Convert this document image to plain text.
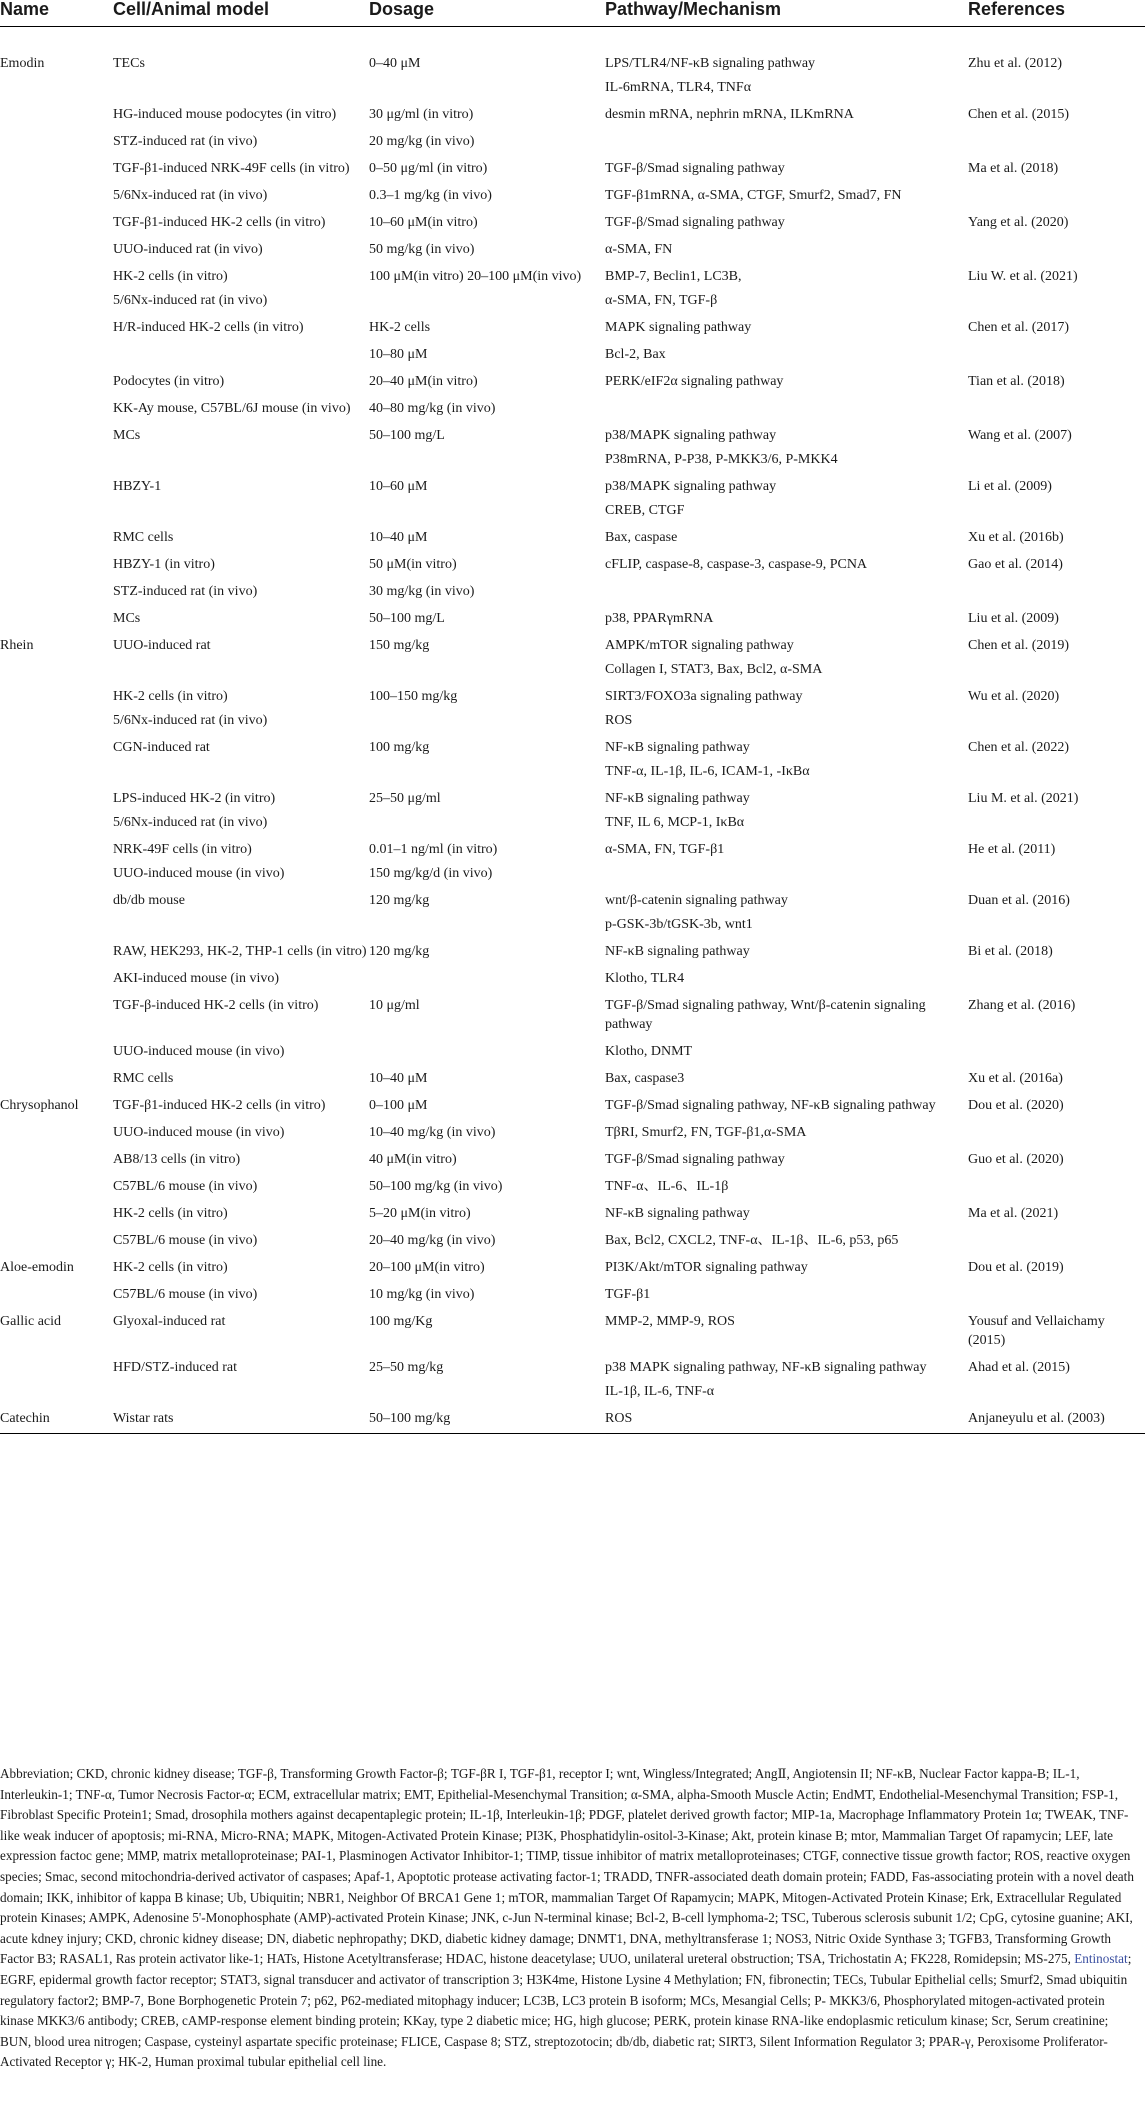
Name	Cell/Animal model	Dosage	Pathway/Mechanism	References
Emodin	TECs	0–40 μM	LPS/TLR4/NF-κB signaling pathway	Zhu et al. (2012)
			IL-6mRNA, TLR4, TNFα	
	HG-induced mouse podocytes (in vitro)	30 μg/ml (in vitro)	desmin mRNA, nephrin mRNA, ILKmRNA	Chen et al. (2015)
	STZ-induced rat (in vivo)	20 mg/kg (in vivo)		
	TGF-β1-induced NRK-49F cells (in vitro)	0–50 μg/ml (in vitro)	TGF-β/Smad signaling pathway	Ma et al. (2018)
	5/6Nx-induced rat (in vivo)	0.3–1 mg/kg (in vivo)	TGF-β1mRNA, α-SMA, CTGF, Smurf2, Smad7, FN	
	TGF-β1-induced HK-2 cells (in vitro)	10–60 μM(in vitro)	TGF-β/Smad signaling pathway	Yang et al. (2020)
	UUO-induced rat (in vivo)	50 mg/kg (in vivo)	α-SMA, FN	
	HK-2 cells (in vitro)	100 μM(in vitro) 20–100 μM(in vivo)	BMP-7, Beclin1, LC3B,	Liu W. et al. (2021)
	5/6Nx-induced rat (in vivo)		α-SMA, FN, TGF-β	
	H/R-induced HK-2 cells (in vitro)	HK-2 cells	MAPK signaling pathway	Chen et al. (2017)
		10–80 μM	Bcl-2, Bax	
	Podocytes (in vitro)	20–40 μM(in vitro)	PERK/eIF2α signaling pathway	Tian et al. (2018)
	KK-Ay mouse, C57BL/6J mouse (in vivo)	40–80 mg/kg (in vivo)		
	MCs	50–100 mg/L	p38/MAPK signaling pathway	Wang et al. (2007)
			P38mRNA, P-P38, P-MKK3/6, P-MKK4	
	HBZY-1	10–60 μM	p38/MAPK signaling pathway	Li et al. (2009)
			CREB, CTGF	
	RMC cells	10–40 μM	Bax, caspase	Xu et al. (2016b)
	HBZY-1 (in vitro)	50 μM(in vitro)	cFLIP, caspase-8, caspase-3, caspase-9, PCNA	Gao et al. (2014)
	STZ-induced rat (in vivo)	30 mg/kg (in vivo)		
	MCs	50–100 mg/L	p38, PPARγmRNA	Liu et al. (2009)
Rhein	UUO-induced rat	150 mg/kg	AMPK/mTOR signaling pathway	Chen et al. (2019)
			Collagen I, STAT3, Bax, Bcl2, α-SMA	
	HK-2 cells (in vitro)	100–150 mg/kg	SIRT3/FOXO3a signaling pathway	Wu et al. (2020)
	5/6Nx-induced rat (in vivo)		ROS	
	CGN-induced rat	100 mg/kg	NF-κB signaling pathway	Chen et al. (2022)
			TNF-α, IL-1β, IL-6, ICAM-1, -IκBα	
	LPS-induced HK-2 (in vitro)	25–50 μg/ml	NF-κB signaling pathway	Liu M. et al. (2021)
	5/6Nx-induced rat (in vivo)		TNF, IL 6, MCP-1, IκBα	
	NRK-49F cells (in vitro)	0.01–1 ng/ml (in vitro)	α-SMA, FN, TGF-β1	He et al. (2011)
	UUO-induced mouse (in vivo)	150 mg/kg/d (in vivo)		
	db/db mouse	120 mg/kg	wnt/β-catenin signaling pathway	Duan et al. (2016)
			p-GSK-3b/tGSK-3b, wnt1	
	RAW, HEK293, HK-2, THP-1 cells (in vitro)	120 mg/kg	NF-κB signaling pathway	Bi et al. (2018)
	AKI-induced mouse (in vivo)		Klotho, TLR4	
	TGF-β-induced HK-2 cells (in vitro)	10 μg/ml	TGF-β/Smad signaling pathway, Wnt/β-catenin signaling pathway	Zhang et al. (2016)
	UUO-induced mouse (in vivo)		Klotho, DNMT	
	RMC cells	10–40 μM	Bax, caspase3	Xu et al. (2016a)
Chrysophanol	TGF-β1-induced HK-2 cells (in vitro)	0–100 μM	TGF-β/Smad signaling pathway, NF-κB signaling pathway	Dou et al. (2020)
	UUO-induced mouse (in vivo)	10–40 mg/kg (in vivo)	TβRI, Smurf2, FN, TGF-β1,α-SMA	
	AB8/13 cells (in vitro)	40 μM(in vitro)	TGF-β/Smad signaling pathway	Guo et al. (2020)
	C57BL/6 mouse (in vivo)	50–100 mg/kg (in vivo)	TNF-α、IL-6、IL-1β	
	HK-2 cells (in vitro)	5–20 μM(in vitro)	NF-κB signaling pathway	Ma et al. (2021)
	C57BL/6 mouse (in vivo)	20–40 mg/kg (in vivo)	Bax, Bcl2, CXCL2, TNF-α、IL-1β、IL-6, p53, p65	
Aloe-emodin	HK-2 cells (in vitro)	20–100 μM(in vitro)	PI3K/Akt/mTOR signaling pathway	Dou et al. (2019)
	C57BL/6 mouse (in vivo)	10 mg/kg (in vivo)	TGF-β1	
Gallic acid	Glyoxal-induced rat	100 mg/Kg	MMP-2, MMP-9, ROS	Yousuf and Vellaichamy (2015)
	HFD/STZ-induced rat	25–50 mg/kg	p38 MAPK signaling pathway, NF-κB signaling pathway	Ahad et al. (2015)
			IL-1β, IL-6, TNF-α	
Catechin	Wistar rats	50–100 mg/kg	ROS	Anjaneyulu et al. (2003)
Abbreviation; CKD, chronic kidney disease; TGF-β, Transforming Growth Factor-β; TGF-βR I, TGF-β1, receptor I; wnt, Wingless/Integrated; AngⅡ, Angiotensin II; NF-κB, Nuclear Factor kappa-B; IL-1, Interleukin-1; TNF-α, Tumor Necrosis Factor-α; ECM, extracellular matrix; EMT, Epithelial-Mesenchymal Transition; α-SMA, alpha-Smooth Muscle Actin; EndMT, Endothelial-Mesenchymal Transition; FSP-1, Fibroblast Specific Protein1; Smad, drosophila mothers against decapentaplegic protein; IL-1β, Interleukin-1β; PDGF, platelet derived growth factor; MIP-1a, Macrophage Inflammatory Protein 1α; TWEAK, TNF-like weak inducer of apoptosis; mi-RNA, Micro-RNA; MAPK, Mitogen-Activated Protein Kinase; PI3K, Phosphatidylin-ositol-3-Kinase; Akt, protein kinase B; mtor, Mammalian Target Of rapamycin; LEF, late expression factoc gene; MMP, matrix metalloproteinase; PAI-1, Plasminogen Activator Inhibitor-1; TIMP, tissue inhibitor of matrix metalloproteinases; CTGF, connective tissue growth factor; ROS, reactive oxygen species; Smac, second mitochondria-derived activator of caspases; Apaf-1, Apoptotic protease activating factor-1; TRADD, TNFR-associated death domain protein; FADD, Fas-associating protein with a novel death domain; IKK, inhibitor of kappa B kinase; Ub, Ubiquitin; NBR1, Neighbor Of BRCA1 Gene 1; mTOR, mammalian Target Of Rapamycin; MAPK, Mitogen-Activated Protein Kinase; Erk, Extracellular Regulated protein Kinases; AMPK, Adenosine 5'-Monophosphate (AMP)-activated Protein Kinase; JNK, c-Jun N-terminal kinase; Bcl-2, B-cell lymphoma-2; TSC, Tuberous sclerosis subunit 1/2; CpG, cytosine guanine; AKI, acute kdney injury; CKD, chronic kidney disease; DN, diabetic nephropathy; DKD, diabetic kidney damage; DNMT1, DNA, methyltransferase 1; NOS3, Nitric Oxide Synthase 3; TGFB3, Transforming Growth Factor B3; RASAL1, Ras protein activator like-1; HATs, Histone Acetyltransferase; HDAC, histone deacetylase; UUO, unilateral ureteral obstruction; TSA, Trichostatin A; FK228, Romidepsin; MS-275, Entinostat; EGRF, epidermal growth factor receptor; STAT3, signal transducer and activator of transcription 3; H3K4me, Histone Lysine 4 Methylation; FN, fibronectin; TECs, Tubular Epithelial cells; Smurf2, Smad ubiquitin regulatory factor2; BMP-7, Bone Borphogenetic Protein 7; p62, P62-mediated mitophagy inducer; LC3B, LC3 protein B isoform; MCs, Mesangial Cells; P- MKK3/6, Phosphorylated mitogen-activated protein kinase MKK3/6 antibody; CREB, cAMP-response element binding protein; KKay, type 2 diabetic mice; HG, high glucose; PERK, protein kinase RNA-like endoplasmic reticulum kinase; Scr, Serum creatinine; BUN, blood urea nitrogen; Caspase, cysteinyl aspartate specific proteinase; FLICE, Caspase 8; STZ, streptozotocin; db/db, diabetic rat; SIRT3, Silent Information Regulator 3; PPAR-γ, Peroxisome Proliferator- Activated Receptor γ; HK-2, Human proximal tubular epithelial cell line.
